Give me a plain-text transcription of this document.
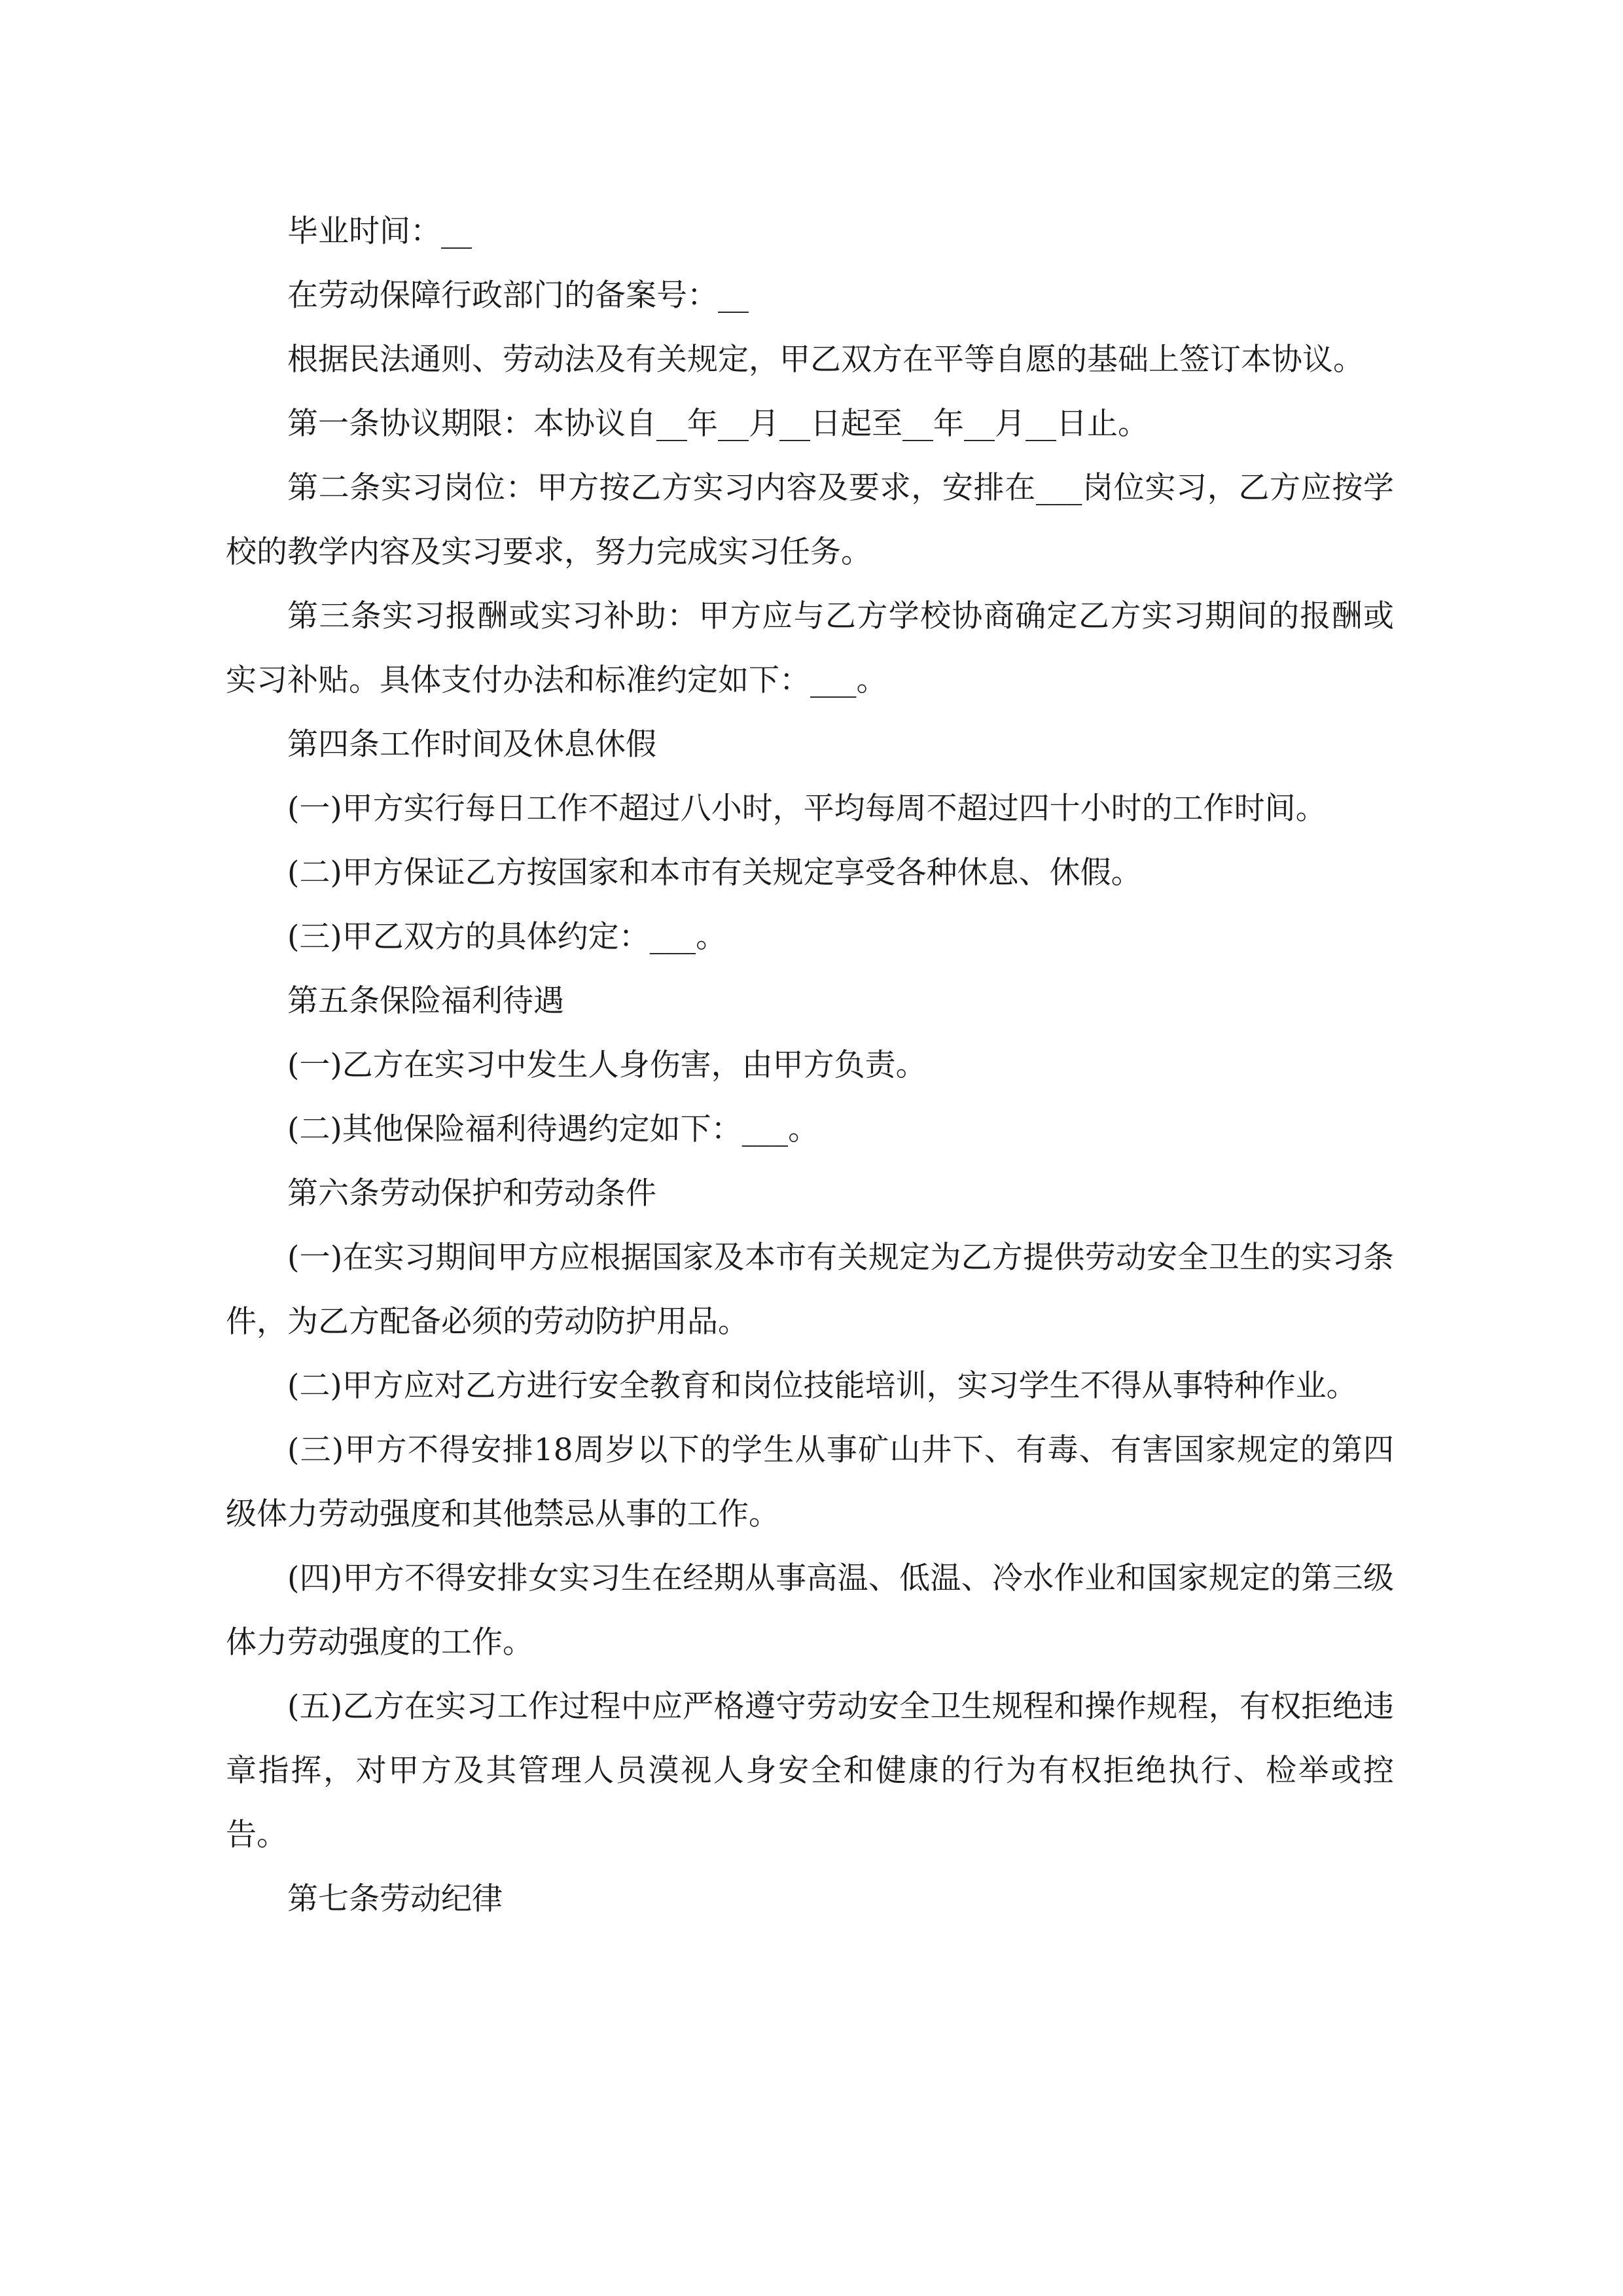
毕业时间：__

在劳动保障行政部门的备案号：__

根据民法通则、劳动法及有关规定，甲乙双方在平等自愿的基础上签订本协议。

第一条协议期限：本协议自__年__月__日起至__年__月__日止。

第二条实习岗位：甲方按乙方实习内容及要求，安排在___岗位实习，乙方应按学校的教学内容及实习要求，努力完成实习任务。

第三条实习报酬或实习补助：甲方应与乙方学校协商确定乙方实习期间的报酬或实习补贴。具体支付办法和标准约定如下：___。

第四条工作时间及休息休假

(一)甲方实行每日工作不超过八小时，平均每周不超过四十小时的工作时间。

(二)甲方保证乙方按国家和本市有关规定享受各种休息、休假。

(三)甲乙双方的具体约定：___。

第五条保险福利待遇

(一)乙方在实习中发生人身伤害，由甲方负责。

(二)其他保险福利待遇约定如下：___。

第六条劳动保护和劳动条件

(一)在实习期间甲方应根据国家及本市有关规定为乙方提供劳动安全卫生的实习条件，为乙方配备必须的劳动防护用品。

(二)甲方应对乙方进行安全教育和岗位技能培训，实习学生不得从事特种作业。

(三)甲方不得安排18周岁以下的学生从事矿山井下、有毒、有害国家规定的第四级体力劳动强度和其他禁忌从事的工作。

(四)甲方不得安排女实习生在经期从事高温、低温、冷水作业和国家规定的第三级体力劳动强度的工作。

(五)乙方在实习工作过程中应严格遵守劳动安全卫生规程和操作规程，有权拒绝违章指挥，对甲方及其管理人员漠视人身安全和健康的行为有权拒绝执行、检举或控告。

第七条劳动纪律
